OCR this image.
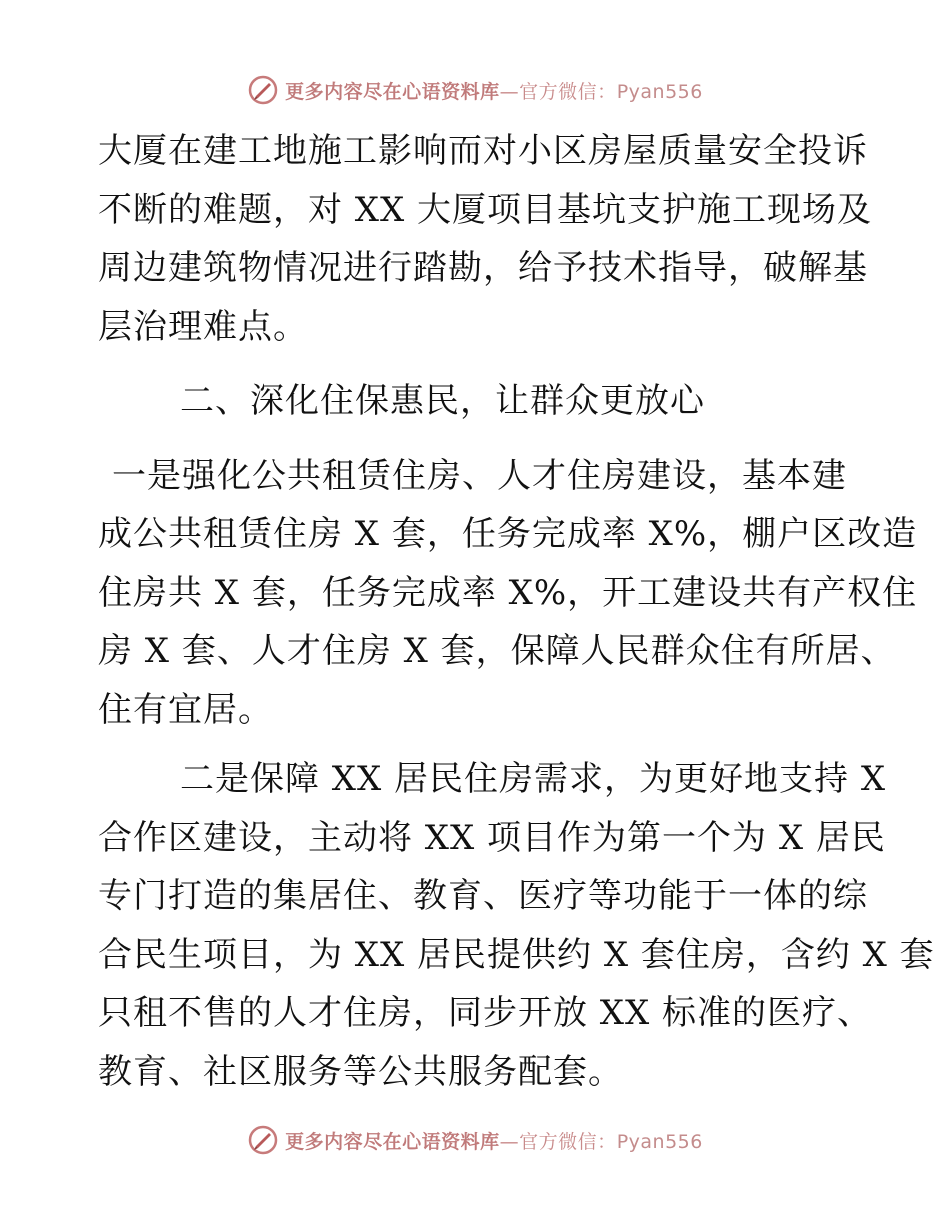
更多内容尽在心语资料库—官方微信：Pyan556
大厦在建工地施工影响而对小区房屋质量安全投诉
不断的难题，对 XX 大厦项目基坑支护施工现场及
周边建筑物情况进行踏勘，给予技术指导，破解基
层治理难点。
二、深化住保惠民，让群众更放心
一是强化公共租赁住房、人才住房建设，基本建
成公共租赁住房 X 套，任务完成率 X%，棚户区改造
住房共 X 套，任务完成率 X%，开工建设共有产权住
房 X 套、人才住房 X 套，保障人民群众住有所居、
住有宜居。
二是保障 XX 居民住房需求，为更好地支持 X
合作区建设，主动将 XX 项目作为第一个为 X 居民
专门打造的集居住、教育、医疗等功能于一体的综
合民生项目，为 XX 居民提供约 X 套住房，含约 X 套
只租不售的人才住房，同步开放 XX 标准的医疗、
教育、社区服务等公共服务配套。
更多内容尽在心语资料库—官方微信：Pyan556
